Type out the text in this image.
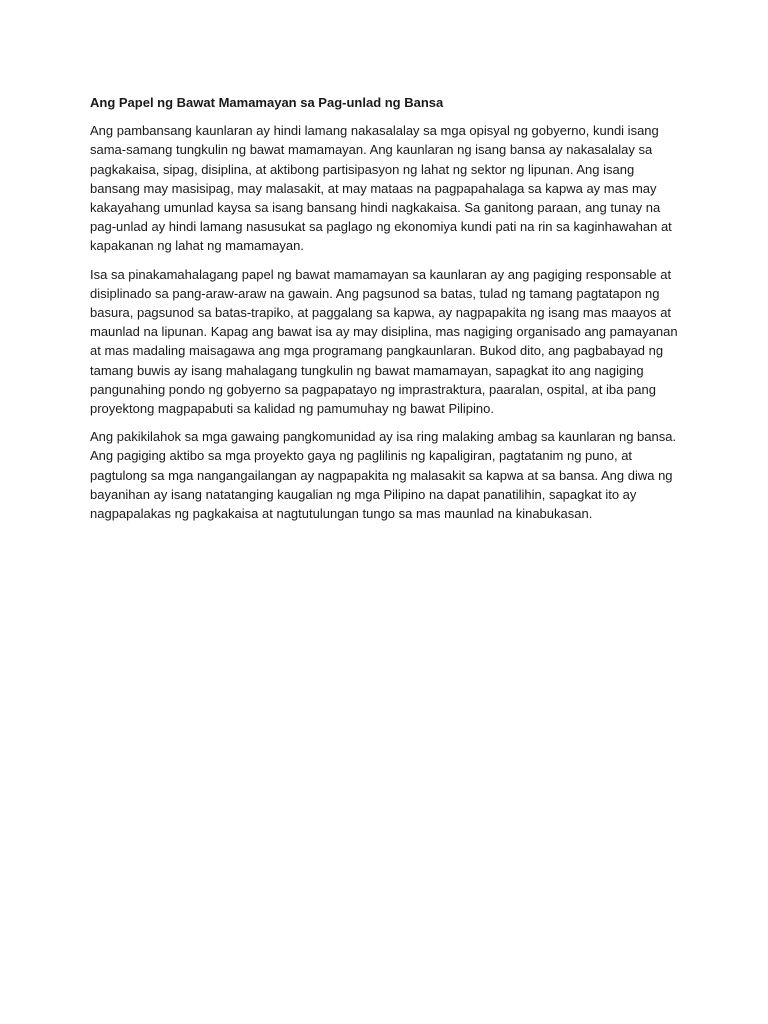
Ang Papel ng Bawat Mamamayan sa Pag-unlad ng Bansa

Ang pambansang kaunlaran ay hindi lamang nakasalalay sa mga opisyal ng gobyerno, kundi isang sama-samang tungkulin ng bawat mamamayan. Ang kaunlaran ng isang bansa ay nakasalalay sa pagkakaisa, sipag, disiplina, at aktibong partisipasyon ng lahat ng sektor ng lipunan. Ang isang bansang may masisipag, may malasakit, at may mataas na pagpapahalaga sa kapwa ay mas may kakayahang umunlad kaysa sa isang bansang hindi nagkakaisa. Sa ganitong paraan, ang tunay na pag-unlad ay hindi lamang nasusukat sa paglago ng ekonomiya kundi pati na rin sa kaginhawahan at kapakanan ng lahat ng mamamayan.

Isa sa pinakamahalagang papel ng bawat mamamayan sa kaunlaran ay ang pagiging responsable at disiplinado sa pang-araw-araw na gawain. Ang pagsunod sa batas, tulad ng tamang pagtatapon ng basura, pagsunod sa batas-trapiko, at paggalang sa kapwa, ay nagpapakita ng isang mas maayos at maunlad na lipunan. Kapag ang bawat isa ay may disiplina, mas nagiging organisado ang pamayanan at mas madaling maisagawa ang mga programang pangkaunlaran. Bukod dito, ang pagbabayad ng tamang buwis ay isang mahalagang tungkulin ng bawat mamamayan, sapagkat ito ang nagiging pangunahing pondo ng gobyerno sa pagpapatayo ng imprastraktura, paaralan, ospital, at iba pang proyektong magpapabuti sa kalidad ng pamumuhay ng bawat Pilipino.

Ang pakikilahok sa mga gawaing pangkomunidad ay isa ring malaking ambag sa kaunlaran ng bansa. Ang pagiging aktibo sa mga proyekto gaya ng paglilinis ng kapaligiran, pagtatanim ng puno, at pagtulong sa mga nangangailangan ay nagpapakita ng malasakit sa kapwa at sa bansa. Ang diwa ng bayanihan ay isang natatanging kaugalian ng mga Pilipino na dapat panatilihin, sapagkat ito ay nagpapalakas ng pagkakaisa at nagtutulungan tungo sa mas maunlad na kinabukasan.
